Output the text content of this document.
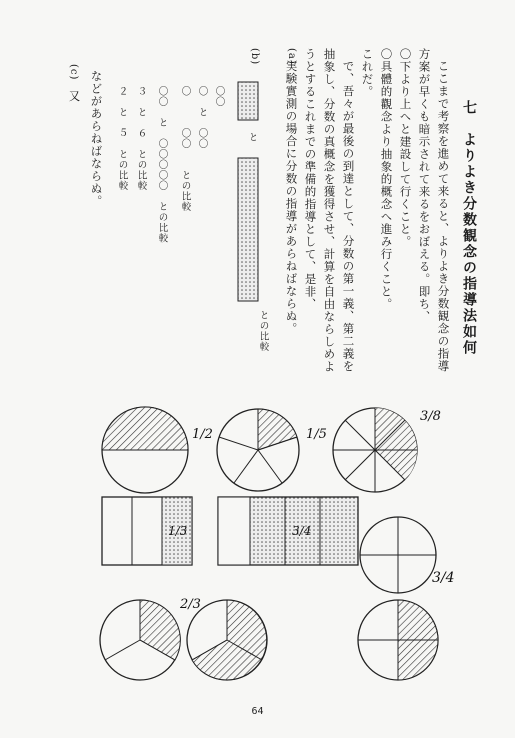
七　よりよき分数観念の指導法如何
ここまで考察を進めて来ると、よりよき分数観念の指導
方案が早くも暗示されて来るをおぼえる。即ち、
〇下より上へと建設して行くこと。
〇具體的觀念より抽象的概念へ進み行くこと。
これだ。
で、吾々が最後の到達として、分数の第一義、第二義を
抽象し、分数の真概念を獲得させ、計算を自由ならしめよ
うとするこれまでの準備的指導として、是非、
実験實測の場合に分数の指導があらねばならぬ。
(a)
(b)
との比較
と
〇〇
〇　と　〇〇
〇　　　〇〇　　との比較
〇〇　と　〇〇〇〇〇　との比較
３　と　６　との比較
２　と　５　との比較
などがあらねばならぬ。
(c)
又
1/2	1/5
3/8
1/3	3/4
3/4
2/3
64
